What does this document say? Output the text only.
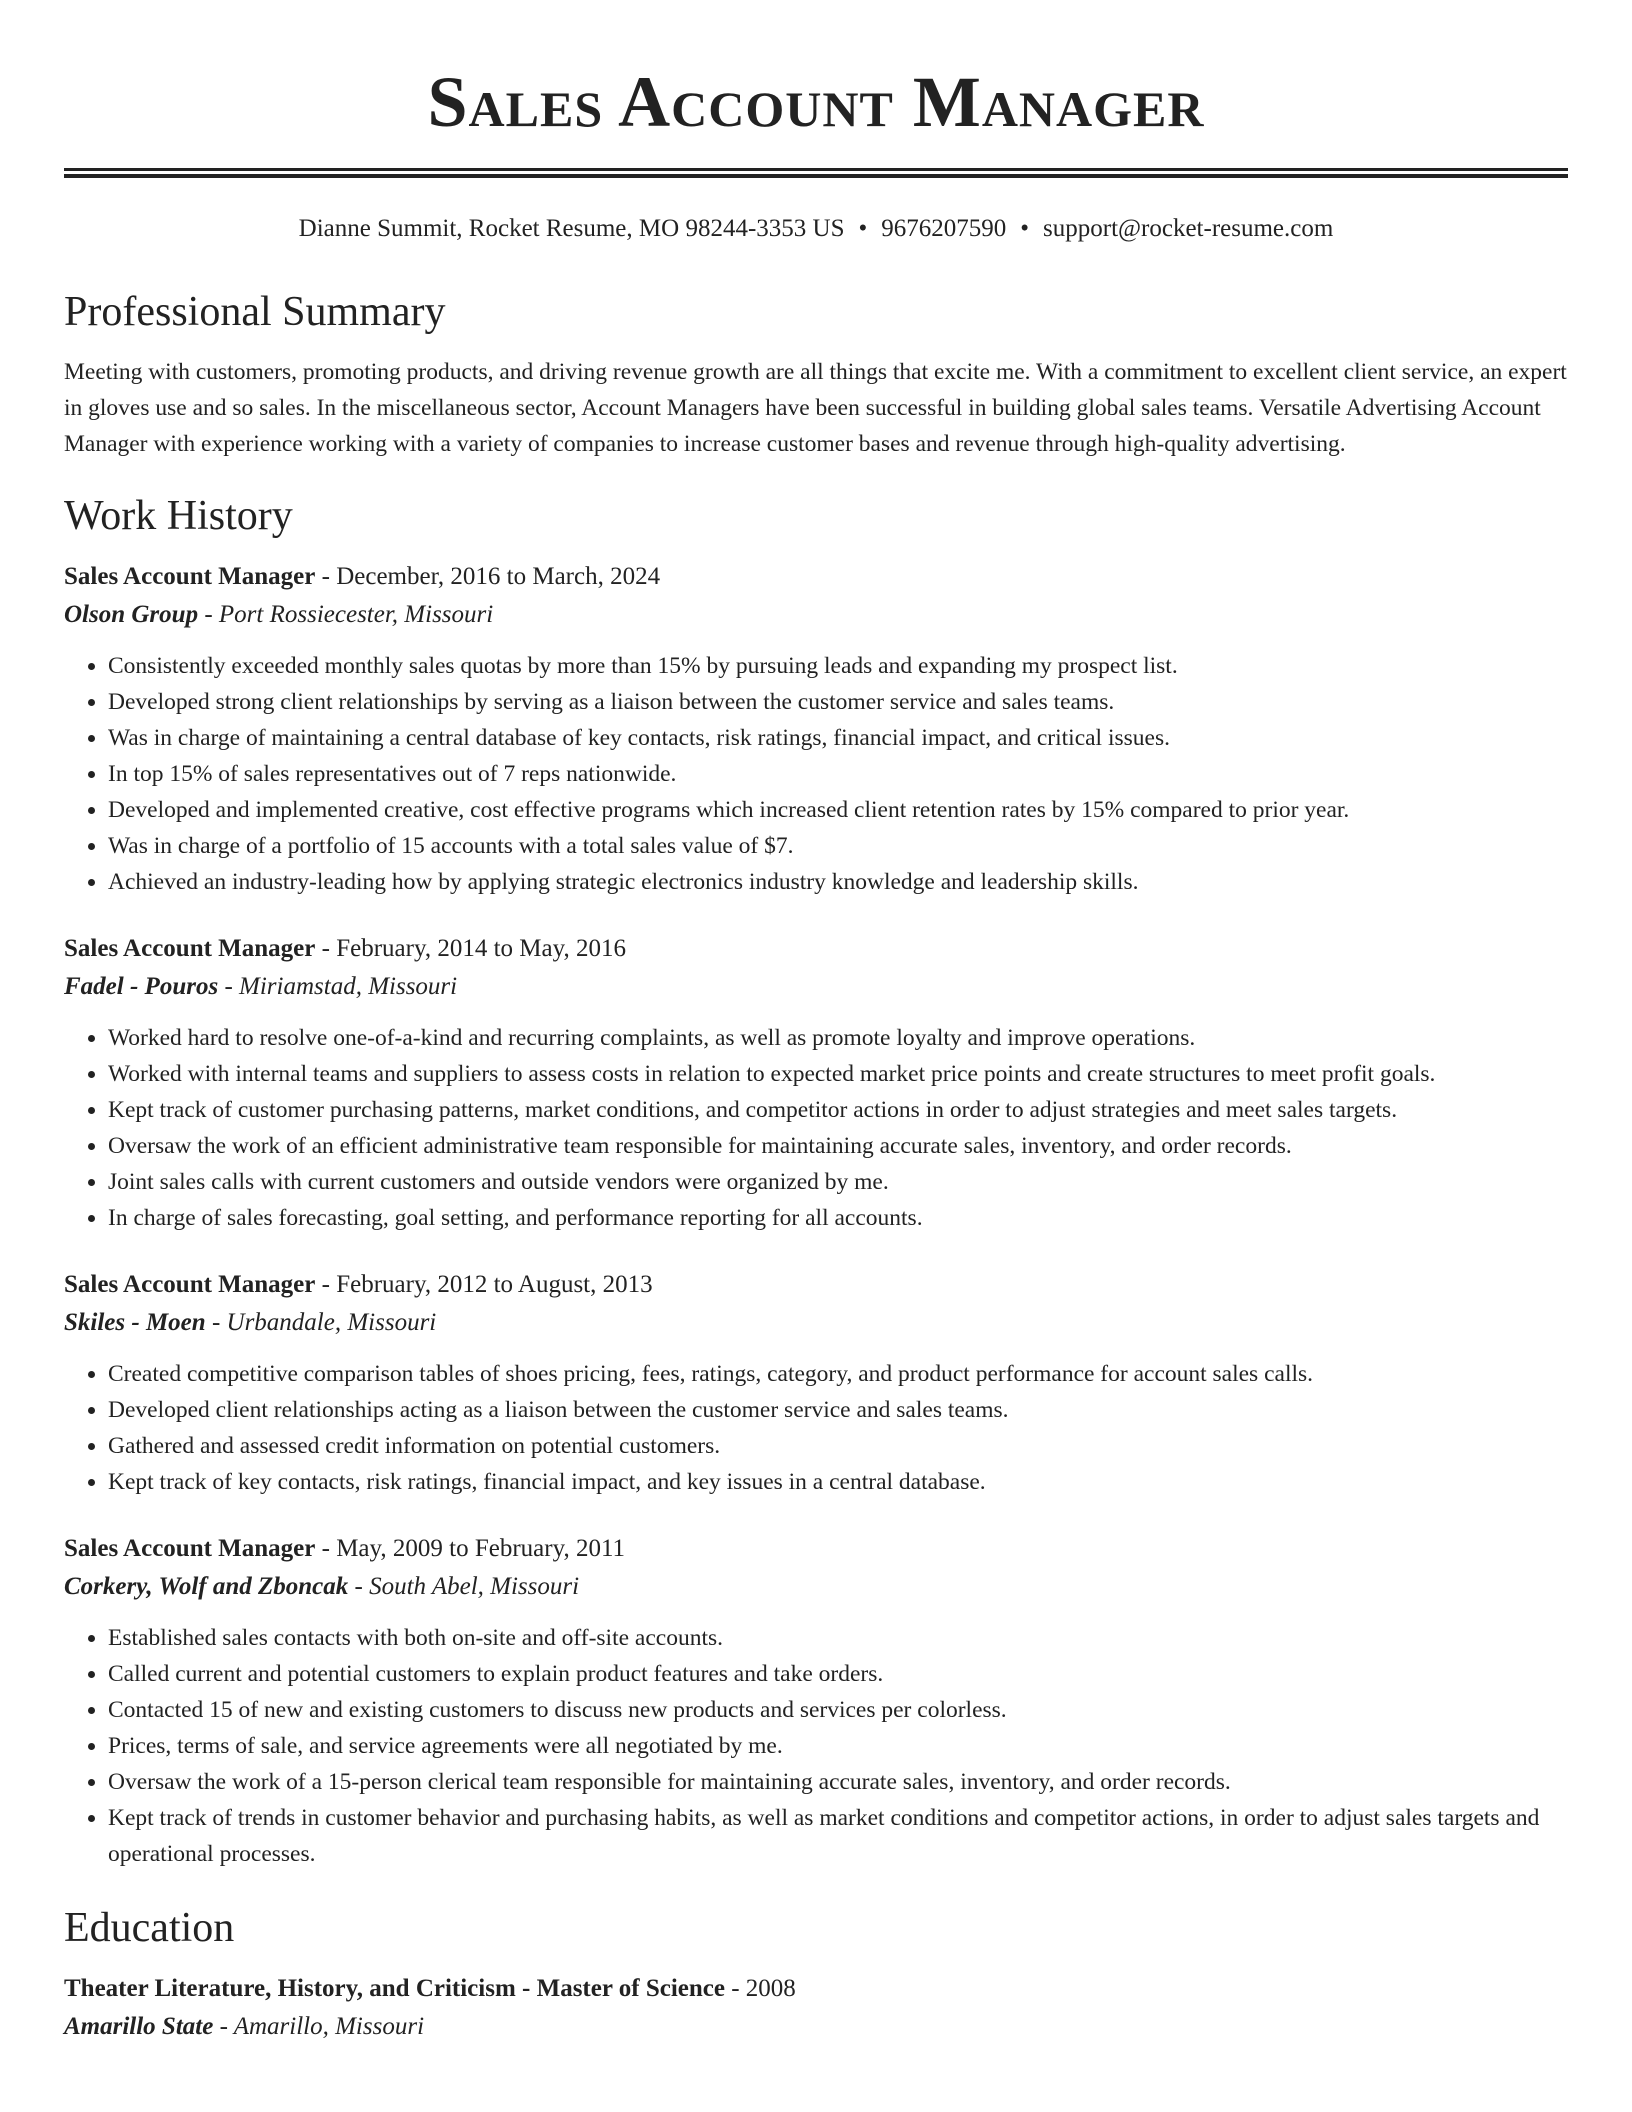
Sales Account Manager
Dianne Summit, Rocket Resume, MO 98244-3353 US • 9676207590 • support@rocket-resume.com
Professional Summary
Meeting with customers, promoting products, and driving revenue growth are all things that excite me. With a commitment to excellent client service, an expert in gloves use and so sales. In the miscellaneous sector, Account Managers have been successful in building global sales teams. Versatile Advertising Account Manager with experience working with a variety of companies to increase customer bases and revenue through high-quality advertising.
Work History
Sales Account Manager - December, 2016 to March, 2024
Olson Group - Port Rossiecester, Missouri
• Consistently exceeded monthly sales quotas by more than 15% by pursuing leads and expanding my prospect list.
• Developed strong client relationships by serving as a liaison between the customer service and sales teams.
• Was in charge of maintaining a central database of key contacts, risk ratings, financial impact, and critical issues.
• In top 15% of sales representatives out of 7 reps nationwide.
• Developed and implemented creative, cost effective programs which increased client retention rates by 15% compared to prior year.
• Was in charge of a portfolio of 15 accounts with a total sales value of $7.
• Achieved an industry-leading how by applying strategic electronics industry knowledge and leadership skills.
Sales Account Manager - February, 2014 to May, 2016
Fadel - Pouros - Miriamstad, Missouri
• Worked hard to resolve one-of-a-kind and recurring complaints, as well as promote loyalty and improve operations.
• Worked with internal teams and suppliers to assess costs in relation to expected market price points and create structures to meet profit goals.
• Kept track of customer purchasing patterns, market conditions, and competitor actions in order to adjust strategies and meet sales targets.
• Oversaw the work of an efficient administrative team responsible for maintaining accurate sales, inventory, and order records.
• Joint sales calls with current customers and outside vendors were organized by me.
• In charge of sales forecasting, goal setting, and performance reporting for all accounts.
Sales Account Manager - February, 2012 to August, 2013
Skiles - Moen - Urbandale, Missouri
• Created competitive comparison tables of shoes pricing, fees, ratings, category, and product performance for account sales calls.
• Developed client relationships acting as a liaison between the customer service and sales teams.
• Gathered and assessed credit information on potential customers.
• Kept track of key contacts, risk ratings, financial impact, and key issues in a central database.
Sales Account Manager - May, 2009 to February, 2011
Corkery, Wolf and Zboncak - South Abel, Missouri
• Established sales contacts with both on-site and off-site accounts.
• Called current and potential customers to explain product features and take orders.
• Contacted 15 of new and existing customers to discuss new products and services per colorless.
• Prices, terms of sale, and service agreements were all negotiated by me.
• Oversaw the work of a 15-person clerical team responsible for maintaining accurate sales, inventory, and order records.
• Kept track of trends in customer behavior and purchasing habits, as well as market conditions and competitor actions, in order to adjust sales targets and operational processes.
Education
Theater Literature, History, and Criticism - Master of Science - 2008
Amarillo State - Amarillo, Missouri
